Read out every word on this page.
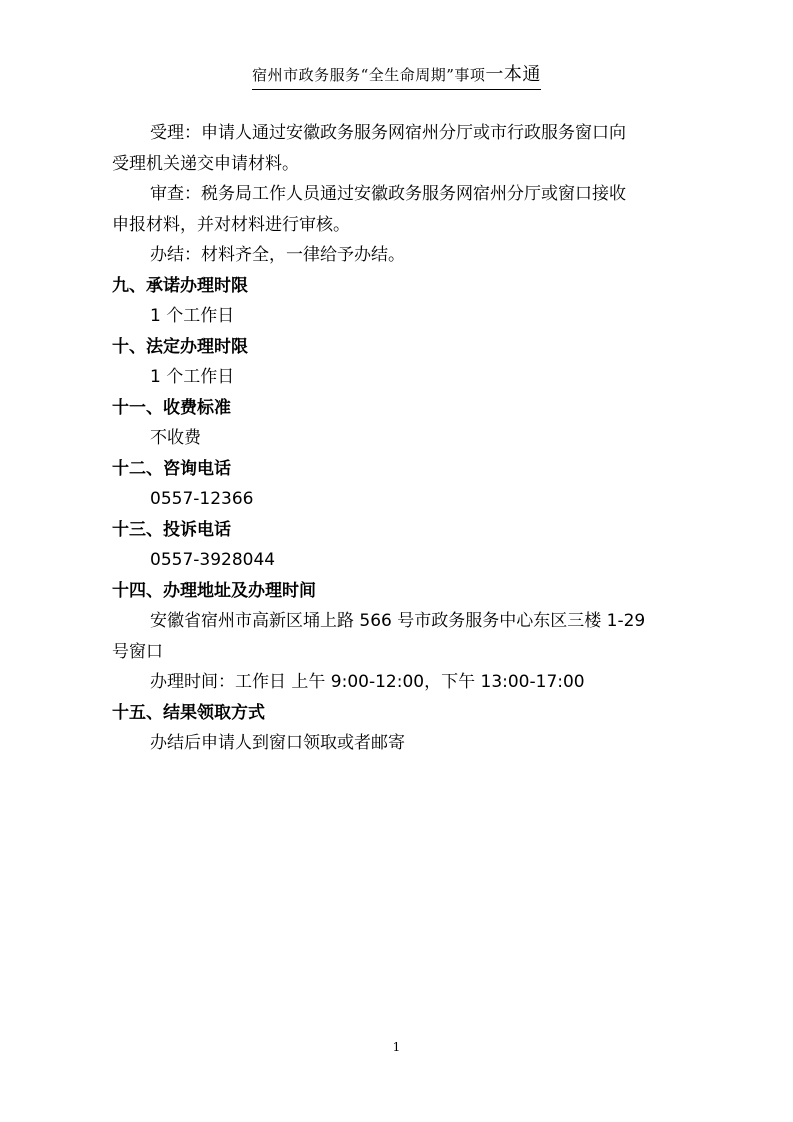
宿州市政务服务“全生命周期”事项一本通
受理：申请人通过安徽政务服务网宿州分厅或市行政服务窗口向
受理机关递交申请材料。
审查：税务局工作人员通过安徽政务服务网宿州分厅或窗口接收
申报材料，并对材料进行审核。
办结：材料齐全，一律给予办结。
九、承诺办理时限
1 个工作日
十、法定办理时限
1 个工作日
十一、收费标准
不收费
十二、咨询电话
0557-12366
十三、投诉电话
0557-3928044
十四、办理地址及办理时间
安徽省宿州市高新区埇上路 566 号市政务服务中心东区三楼 1-29
号窗口
办理时间：工作日 上午 9:00-12:00，下午 13:00-17:00
十五、结果领取方式
办结后申请人到窗口领取或者邮寄
1
